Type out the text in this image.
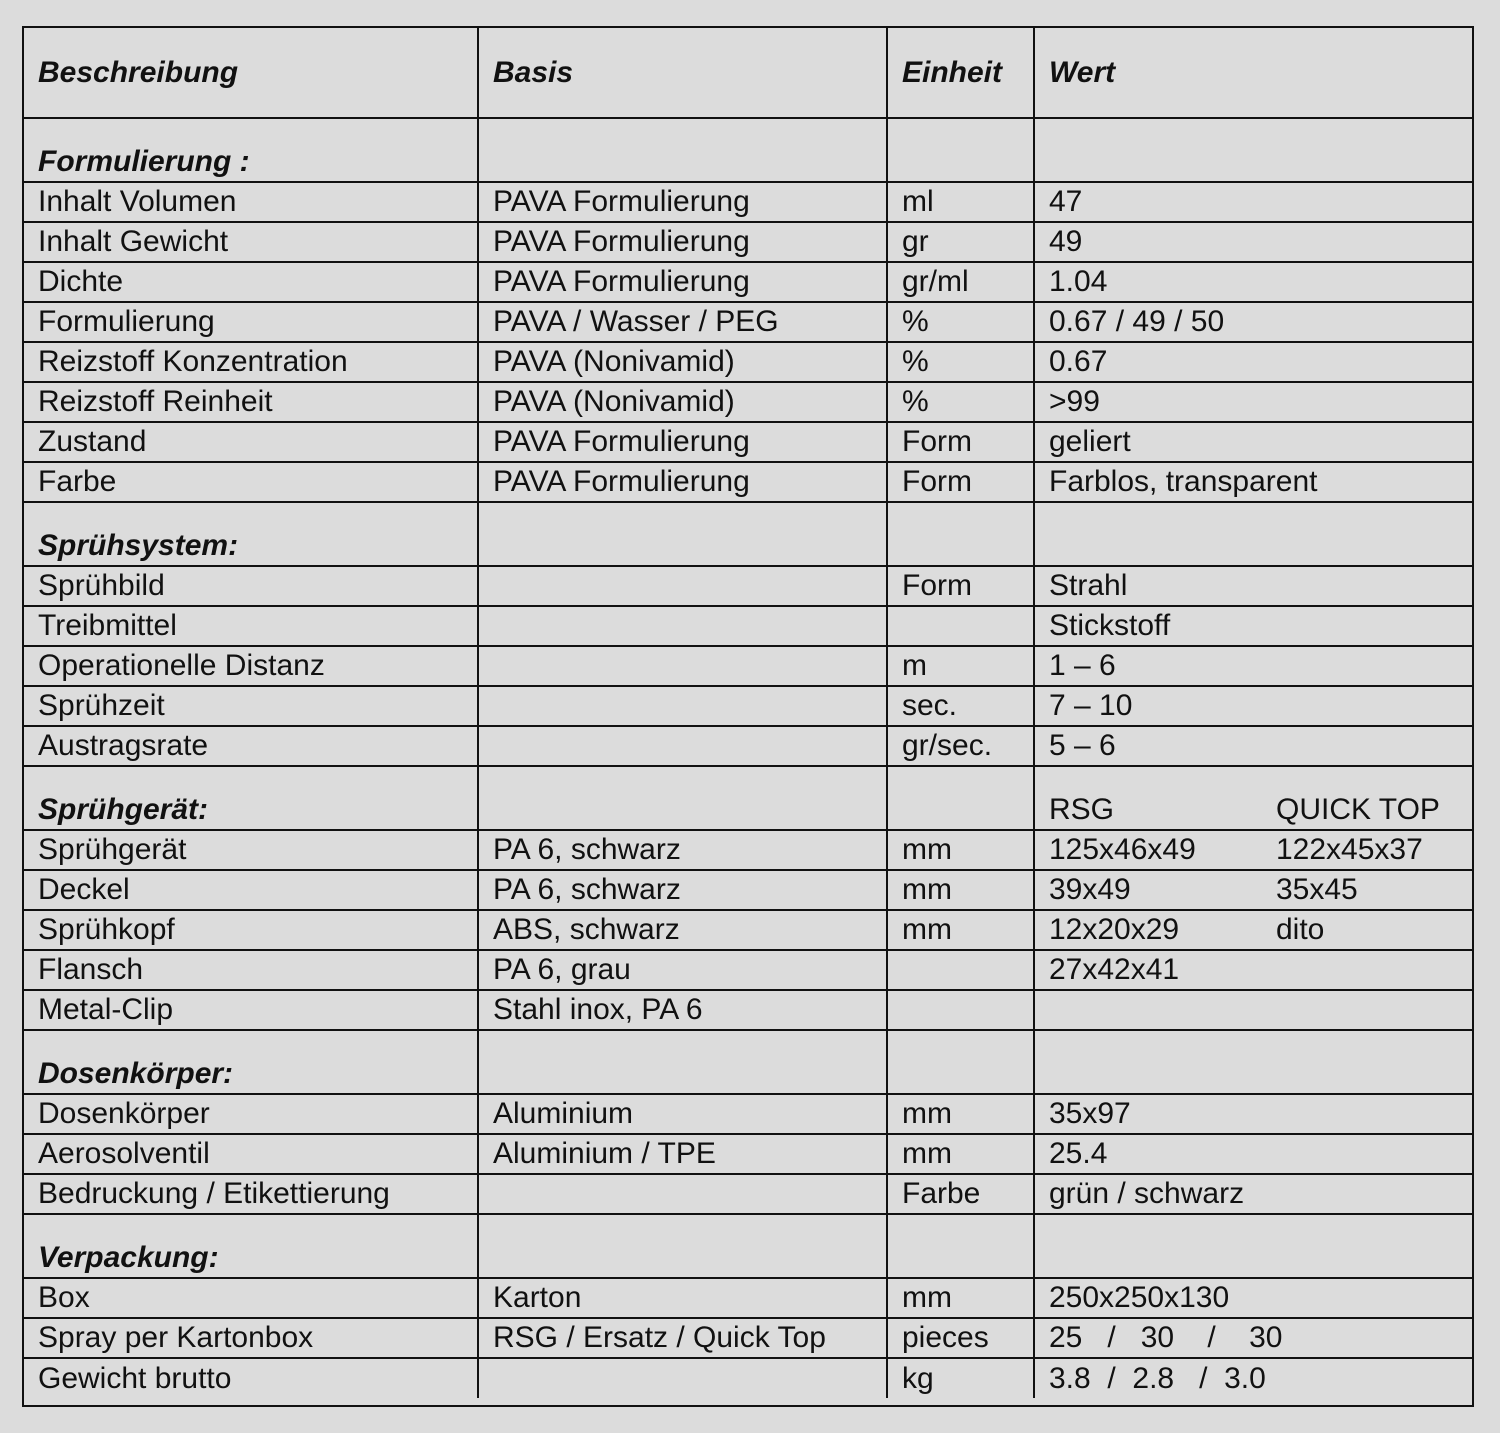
Beschreibung	Basis	Einheit	Wert
Formulierung :			
Inhalt Volumen	PAVA Formulierung	ml	47
Inhalt Gewicht	PAVA Formulierung	gr	49
Dichte	PAVA Formulierung	gr/ml	1.04
Formulierung	PAVA / Wasser / PEG	%	0.67 / 49 / 50
Reizstoff Konzentration	PAVA (Nonivamid)	%	0.67
Reizstoff Reinheit	PAVA (Nonivamid)	%	>99
Zustand	PAVA Formulierung	Form	geliert
Farbe	PAVA Formulierung	Form	Farblos, transparent
Sprühsystem:			
Sprühbild		Form	Strahl
Treibmittel			Stickstoff
Operationelle Distanz		m	1 – 6
Sprühzeit		sec.	7 – 10
Austragsrate		gr/sec.	5 – 6
Sprühgerät:			RSG QUICK TOP

Sprühgerät	PA 6, schwarz	mm	125x46x49 122x45x37

Deckel	PA 6, schwarz	mm	39x49 35x45

Sprühkopf	ABS, schwarz	mm	12x20x29 dito

Flansch	PA 6, grau		27x42x41

Metal-Clip	Stahl inox, PA 6		

Dosenkörper:			
Dosenkörper	Aluminium	mm	35x97
Aerosolventil	Aluminium / TPE	mm	25.4
Bedruckung / Etikettierung		Farbe	grün / schwarz
Verpackung:			
Box	Karton	mm	250x250x130
Spray per Kartonbox	RSG / Ersatz / Quick Top	pieces	25   /   30    /    30
Gewicht brutto		kg	3.8  /  2.8   /  3.0
